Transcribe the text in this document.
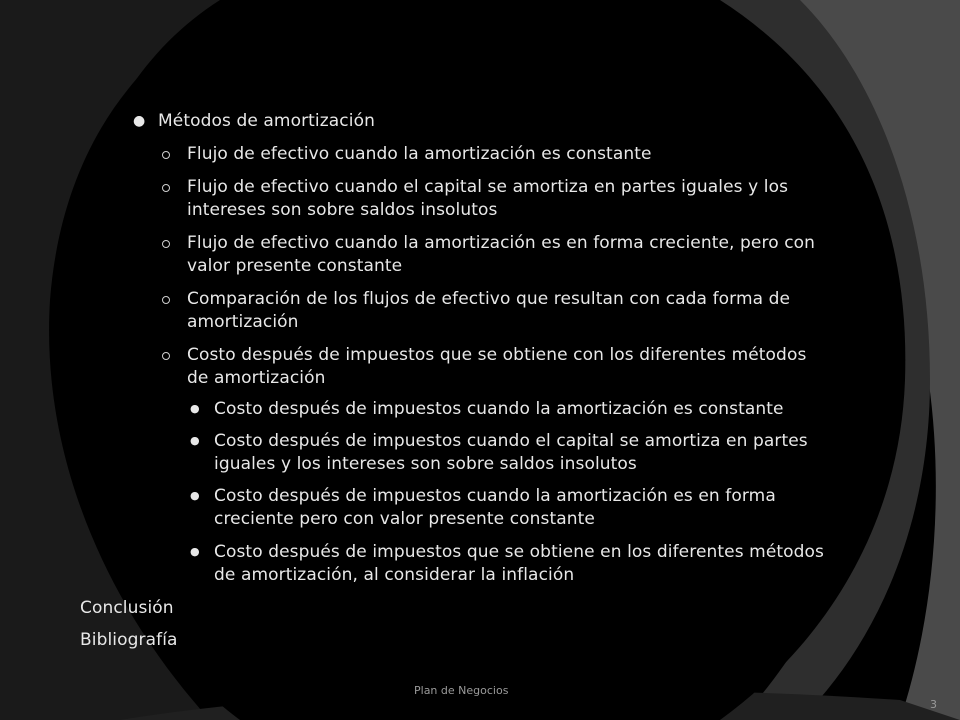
● Métodos de amortización
Flujo de efectivo cuando la amortización es constante
Flujo de efectivo cuando el capital se amortiza en partes iguales y los
intereses son sobre saldos insolutos
Flujo de efectivo cuando la amortización es en forma creciente, pero con
valor presente constante
Comparación de los flujos de efectivo que resultan con cada forma de
amortización
Costo después de impuestos que se obtiene con los diferentes métodos
de amortización
● Costo después de impuestos cuando la amortización es constante
● Costo después de impuestos cuando el capital se amortiza en partes
iguales y los intereses son sobre saldos insolutos
● Costo después de impuestos cuando la amortización es en forma
creciente pero con valor presente constante
● Costo después de impuestos que se obtiene en los diferentes métodos
de amortización, al considerar la inflación
Conclusión
Bibliografía
Plan de Negocios
3
